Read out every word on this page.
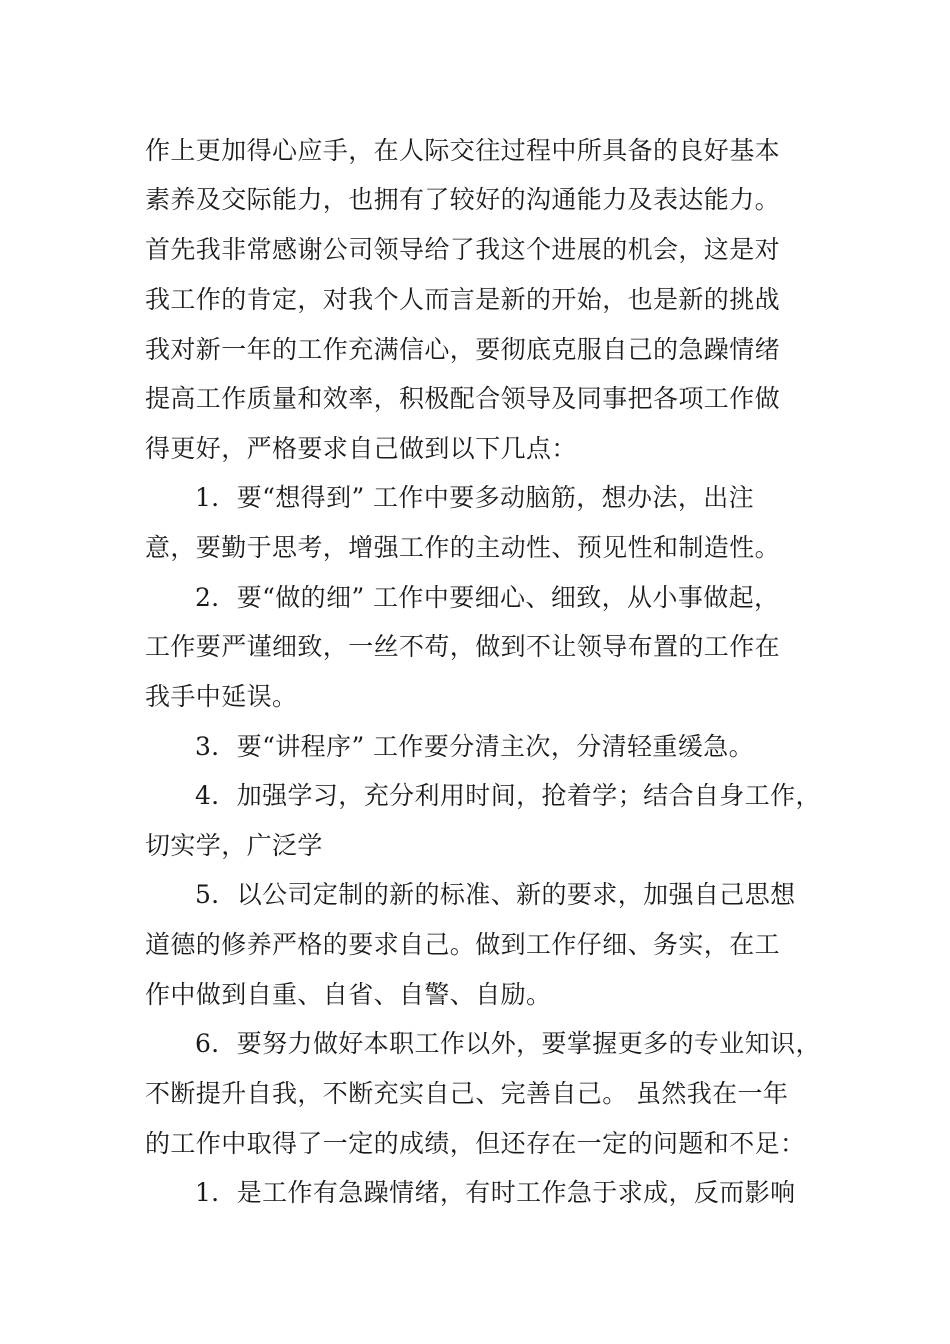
作上更加得心应手，在人际交往过程中所具备的良好基本
素养及交际能力，也拥有了较好的沟通能力及表达能力。
首先我非常感谢公司领导给了我这个进展的机会，这是对
我工作的肯定，对我个人而言是新的开始，也是新的挑战
我对新一年的工作充满信心，要彻底克服自己的急躁情绪
提高工作质量和效率，积极配合领导及同事把各项工作做
得更好，严格要求自己做到以下几点：
1．要“想得到” 工作中要多动脑筋，想办法，出注
意，要勤于思考，增强工作的主动性、预见性和制造性。
2．要“做的细” 工作中要细心、细致，从小事做起，
工作要严谨细致，一丝不苟，做到不让领导布置的工作在
我手中延误。
3．要“讲程序” 工作要分清主次，分清轻重缓急。
4．加强学习，充分利用时间，抢着学；结合自身工作，
切实学，广泛学
5．以公司定制的新的标准、新的要求，加强自己思想
道德的修养严格的要求自己。做到工作仔细、务实，在工
作中做到自重、自省、自警、自励。
6．要努力做好本职工作以外，要掌握更多的专业知识，
不断提升自我，不断充实自己、完善自己。 虽然我在一年
的工作中取得了一定的成绩，但还存在一定的问题和不足：
1．是工作有急躁情绪，有时工作急于求成，反而影响
